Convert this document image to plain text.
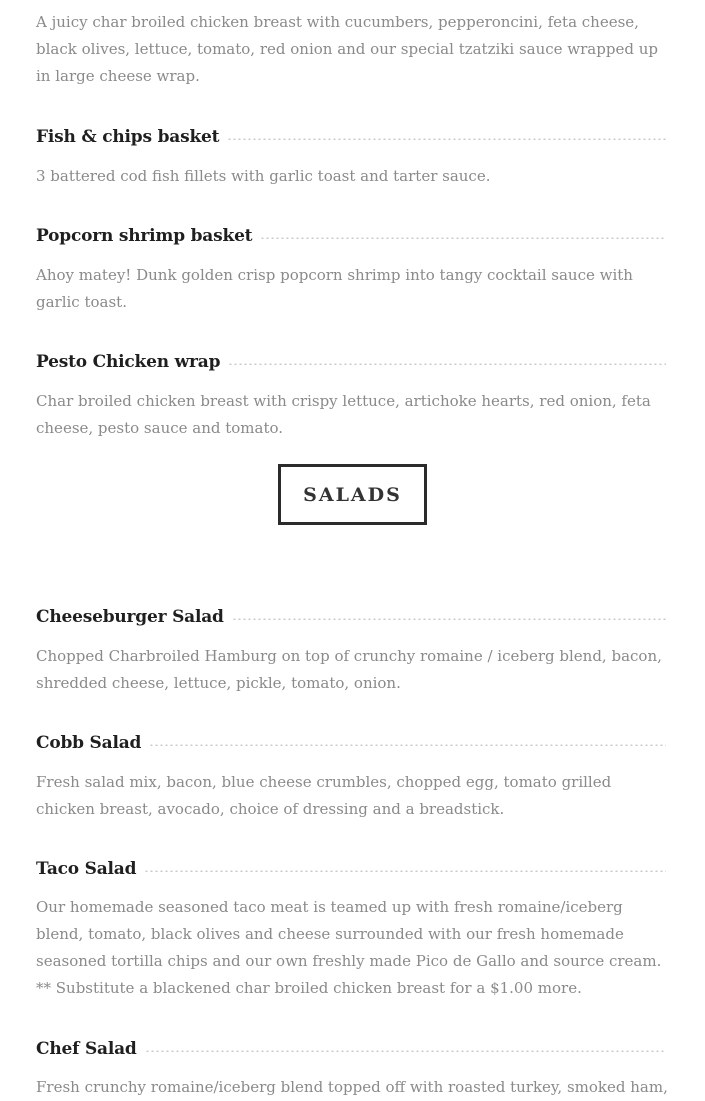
A juicy char broiled chicken breast with cucumbers, pepperoncini, feta cheese, black olives, lettuce, tomato, red onion and our special tzatziki sauce wrapped up in large cheese wrap.

Fish & chips basket

3 battered cod fish fillets with garlic toast and tarter sauce.

Popcorn shrimp basket

Ahoy matey! Dunk golden crisp popcorn shrimp into tangy cocktail sauce with garlic toast.

Pesto Chicken wrap

Char broiled chicken breast with crispy lettuce, artichoke hearts, red onion, feta cheese, pesto sauce and tomato.

SALADS
Cheeseburger Salad

Chopped Charbroiled Hamburg on top of crunchy romaine / iceberg blend, bacon, shredded cheese, lettuce, pickle, tomato, onion.

Cobb Salad

Fresh salad mix, bacon, blue cheese crumbles, chopped egg, tomato grilled chicken breast, avocado, choice of dressing and a breadstick.

Taco Salad

Our homemade seasoned taco meat is teamed up with fresh romaine/iceberg blend, tomato, black olives and cheese surrounded with our fresh homemade seasoned tortilla chips and our own freshly made Pico de Gallo and source cream. ** Substitute a blackened char broiled chicken breast for a $1.00 more.

Chef Salad

Fresh crunchy romaine/iceberg blend topped off with roasted turkey, smoked ham,
